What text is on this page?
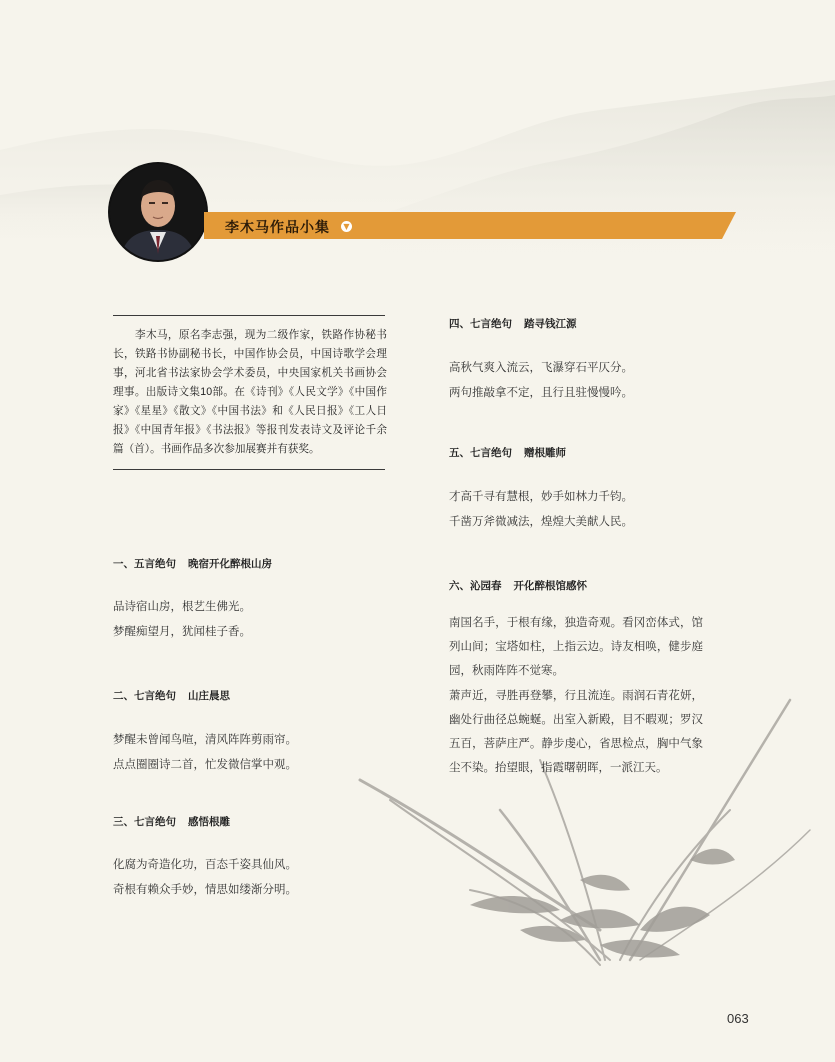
李木马作品小集	▼
李木马，原名李志强，现为二级作家，铁路作协秘书长，铁路书协副秘书长，中国作协会员，中国诗歌学会理事，河北省书法家协会学术委员，中央国家机关书画协会理事。出版诗文集10部。在《诗刊》《人民文学》《中国作家》《星星》《散文》《中国书法》和《人民日报》《工人日报》《中国青年报》《书法报》等报刊发表诗文及评论千余篇（首）。书画作品多次参加展赛并有获奖。
一、五言绝句 晚宿开化醉根山房
品诗宿山房，根艺生佛光。
梦醒痴望月，犹闻桂子香。
二、七言绝句 山庄晨思
梦醒未曾闻鸟喧，清风阵阵剪雨帘。
点点圈圈诗二首，忙发微信掌中观。
三、七言绝句 感悟根雕
化腐为奇造化功，百态千姿具仙风。
奇根有赖众手妙，情思如缕渐分明。
四、七言绝句 踏寻钱江源
高秋气爽入流云，飞瀑穿石平仄分。
两句推敲拿不定，且行且驻慢慢吟。
五、七言绝句 赠根雕师
才高千寻有慧根，妙手如林力千钧。
千凿万斧微减法，煌煌大美献人民。
六、沁园春 开化醉根馆感怀
南国名手，于根有缘，独造奇观。看冈峦体式，馆列山间；宝塔如柱，上指云边。诗友相唤，健步庭园，秋雨阵阵不觉寒。
萧声近，寻胜再登攀，行且流连。雨润石青花妍，幽处行曲径总蜿蜒。出室入新殿，目不暇观；罗汉五百，菩萨庄严。静步虔心，省思检点，胸中气象尘不染。抬望眼，指霞曙朝晖，一派江天。
063
